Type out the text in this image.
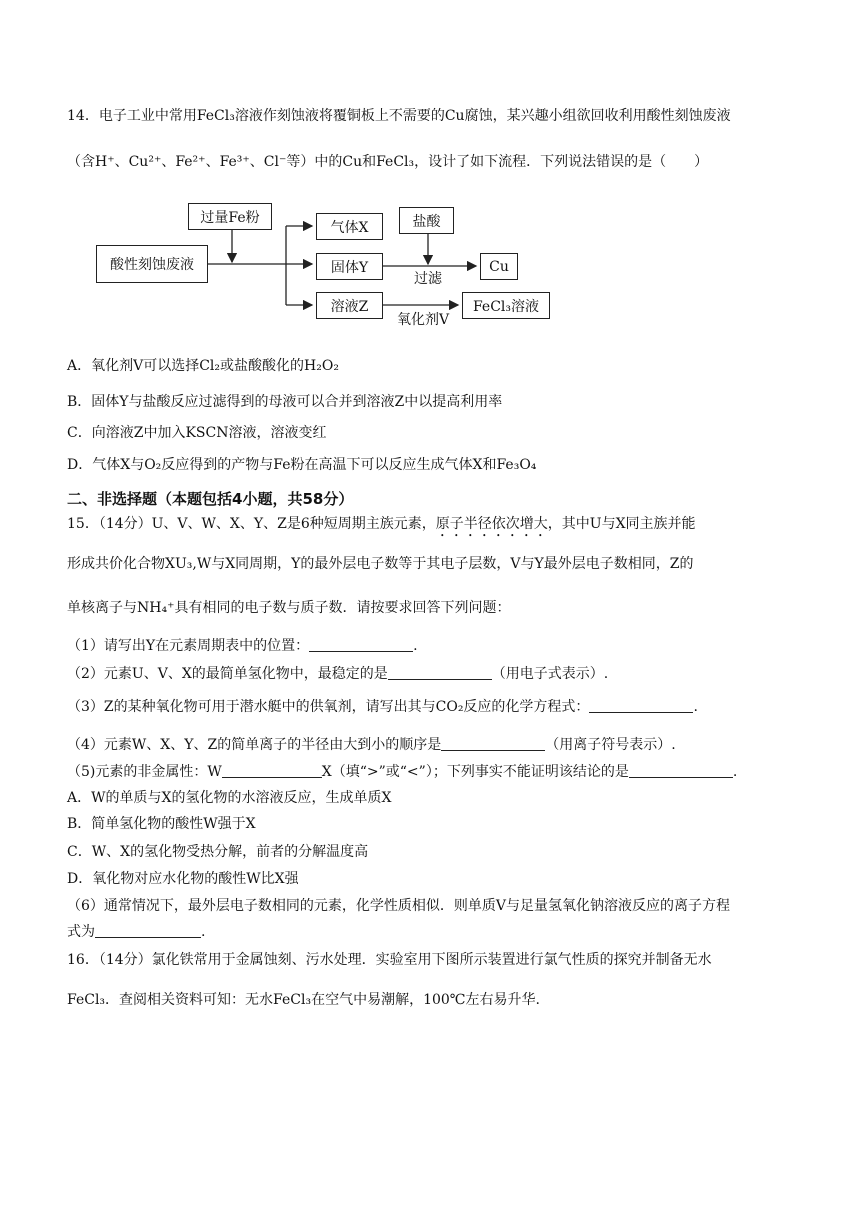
14．电子工业中常用FeCl₃溶液作刻蚀液将覆铜板上不需要的Cu腐蚀，某兴趣小组欲回收利用酸性刻蚀废液
（含H⁺、Cu²⁺、Fe²⁺、Fe³⁺、Cl⁻等）中的Cu和FeCl₃，设计了如下流程．下列说法错误的是（　　）
酸性刻蚀废液
过量Fe粉
气体X
固体Y
溶液Z
盐酸
Cu
FeCl₃溶液
过滤
氧化剂V
A．氧化剂V可以选择Cl₂或盐酸酸化的H₂O₂
B．固体Y与盐酸反应过滤得到的母液可以合并到溶液Z中以提高利用率
C．向溶液Z中加入KSCN溶液，溶液变红
D．气体X与O₂反应得到的产物与Fe粉在高温下可以反应生成气体X和Fe₃O₄
二、非选择题（本题包括4小题，共58分）
15．（14分）U、V、W、X、Y、Z是6种短周期主族元素，原子半径依次增大，其中U与X同主族并能
形成共价化合物XU₃,W与X同周期，Y的最外层电子数等于其电子层数，V与Y最外层电子数相同，Z的
单核离子与NH₄⁺具有相同的电子数与质子数．请按要求回答下列问题：
（1）请写出Y在元素周期表中的位置：	.
（2）元素U、V、X的最简单氢化物中，最稳定的是	（用电子式表示）.
（3）Z的某种氧化物可用于潜水艇中的供氧剂，请写出其与CO₂反应的化学方程式：	.
（4）元素W、X、Y、Z的简单离子的半径由大到小的顺序是	（用离子符号表示）.
（5)元素的非金属性：W	X（填“>”或“<”）；下列事实不能证明该结论的是	.
A．W的单质与X的氢化物的水溶液反应，生成单质X
B．简单氢化物的酸性W强于X
C．W、X的氢化物受热分解，前者的分解温度高
D．氧化物对应水化物的酸性W比X强
（6）通常情况下，最外层电子数相同的元素，化学性质相似．则单质V与足量氢氧化钠溶液反应的离子方程
式为	.
16．（14分）氯化铁常用于金属蚀刻、污水处理．实验室用下图所示装置进行氯气性质的探究并制备无水
FeCl₃．查阅相关资料可知：无水FeCl₃在空气中易潮解，100℃左右易升华.
